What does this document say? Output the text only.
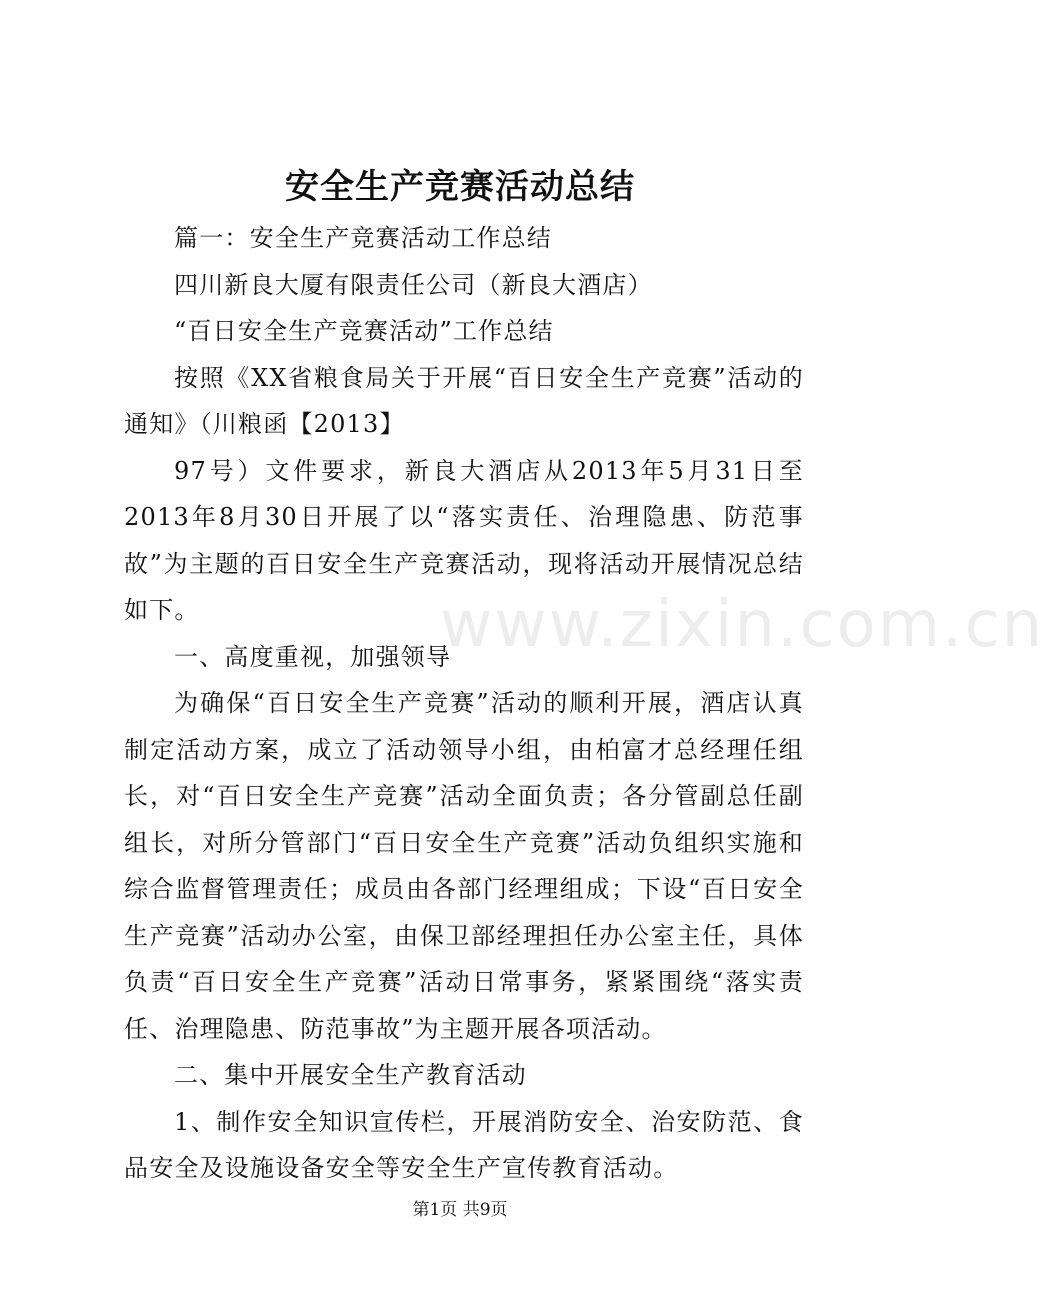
安全生产竞赛活动总结

篇一：安全生产竞赛活动工作总结

四川新良大厦有限责任公司（新良大酒店）

“百日安全生产竞赛活动”工作总结

按照《XX省粮食局关于开展“百日安全生产竞赛”活动的通知》（川粮函【2013】

97号）文件要求，新良大酒店从2013年5月31日至2013年8月30日开展了以“落实责任、治理隐患、防范事故”为主题的百日安全生产竞赛活动，现将活动开展情况总结如下。

一、高度重视，加强领导

为确保“百日安全生产竞赛”活动的顺利开展，酒店认真制定活动方案，成立了活动领导小组，由柏富才总经理任组长，对“百日安全生产竞赛”活动全面负责；各分管副总任副组长，对所分管部门“百日安全生产竞赛”活动负组织实施和综合监督管理责任；成员由各部门经理组成；下设“百日安全生产竞赛”活动办公室，由保卫部经理担任办公室主任，具体负责“百日安全生产竞赛”活动日常事务，紧紧围绕“落实责任、治理隐患、防范事故”为主题开展各项活动。

二、集中开展安全生产教育活动

1、制作安全知识宣传栏，开展消防安全、治安防范、食品安全及设施设备安全等安全生产宣传教育活动。

www.zixin.com.cn
第1页 共9页
